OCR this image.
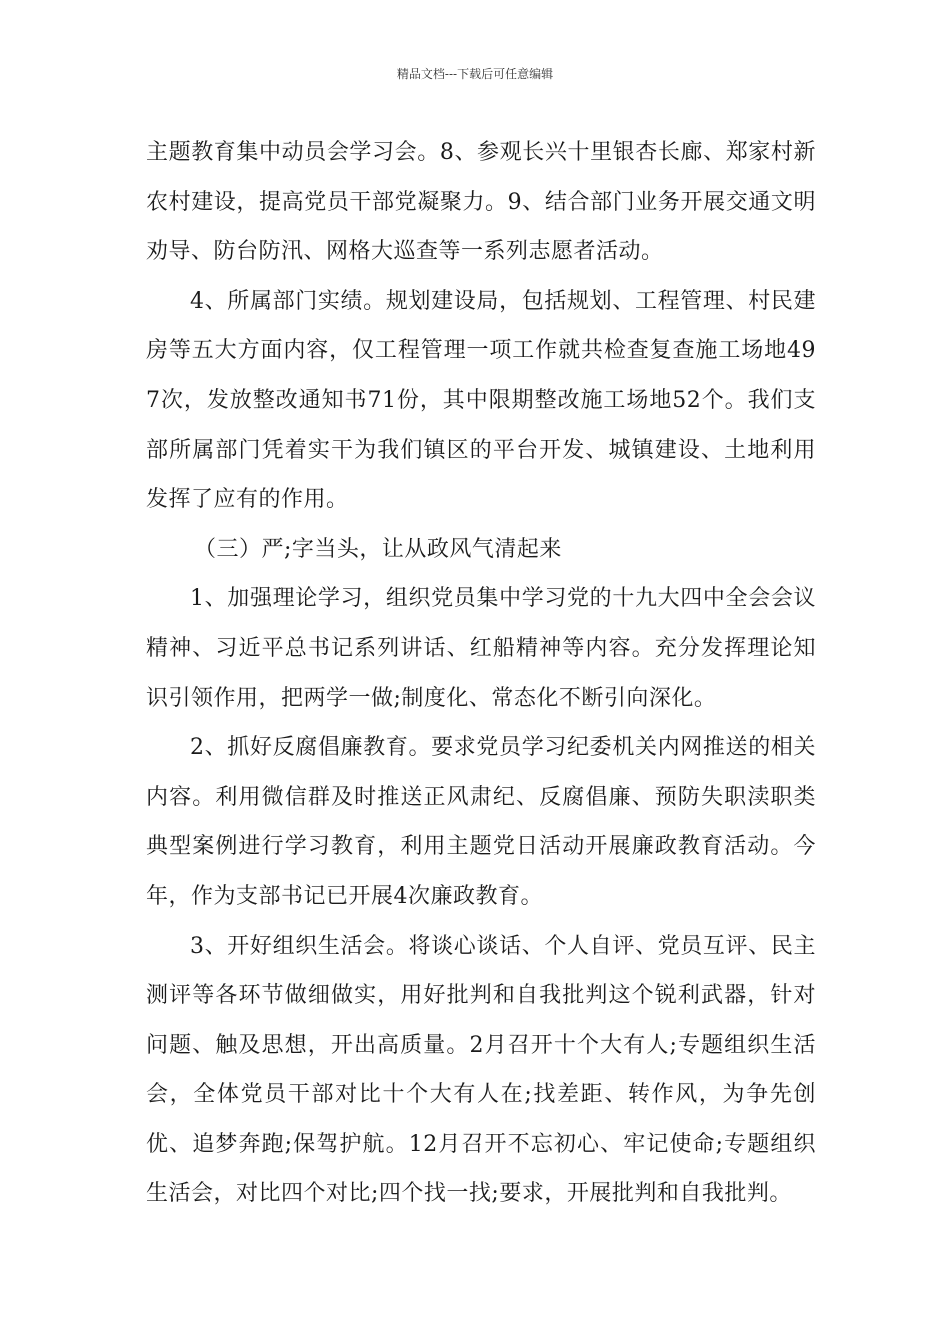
精品文档---下载后可任意编辑

主题教育集中动员会学习会。8、参观长兴十里银杏长廊、郑家村新农村建设，提高党员干部党凝聚力。9、结合部门业务开展交通文明劝导、防台防汛、网格大巡查等一系列志愿者活动。

4、所属部门实绩。规划建设局，包括规划、工程管理、村民建房等五大方面内容，仅工程管理一项工作就共检查复查施工场地497次，发放整改通知书71份，其中限期整改施工场地52个。我们支部所属部门凭着实干为我们镇区的平台开发、城镇建设、土地利用发挥了应有的作用。

（三）严;字当头，让从政风气清起来

1、加强理论学习，组织党员集中学习党的十九大四中全会会议精神、习近平总书记系列讲话、红船精神等内容。充分发挥理论知识引领作用，把两学一做;制度化、常态化不断引向深化。

2、抓好反腐倡廉教育。要求党员学习纪委机关内网推送的相关内容。利用微信群及时推送正风肃纪、反腐倡廉、预防失职渎职类典型案例进行学习教育，利用主题党日活动开展廉政教育活动。今年，作为支部书记已开展4次廉政教育。

3、开好组织生活会。将谈心谈话、个人自评、党员互评、民主测评等各环节做细做实，用好批判和自我批判这个锐利武器，针对问题、触及思想，开出高质量。2月召开十个大有人;专题组织生活会，全体党员干部对比十个大有人在;找差距、转作风，为争先创优、追梦奔跑;保驾护航。12月召开不忘初心、牢记使命;专题组织生活会，对比四个对比;四个找一找;要求，开展批判和自我批判。
